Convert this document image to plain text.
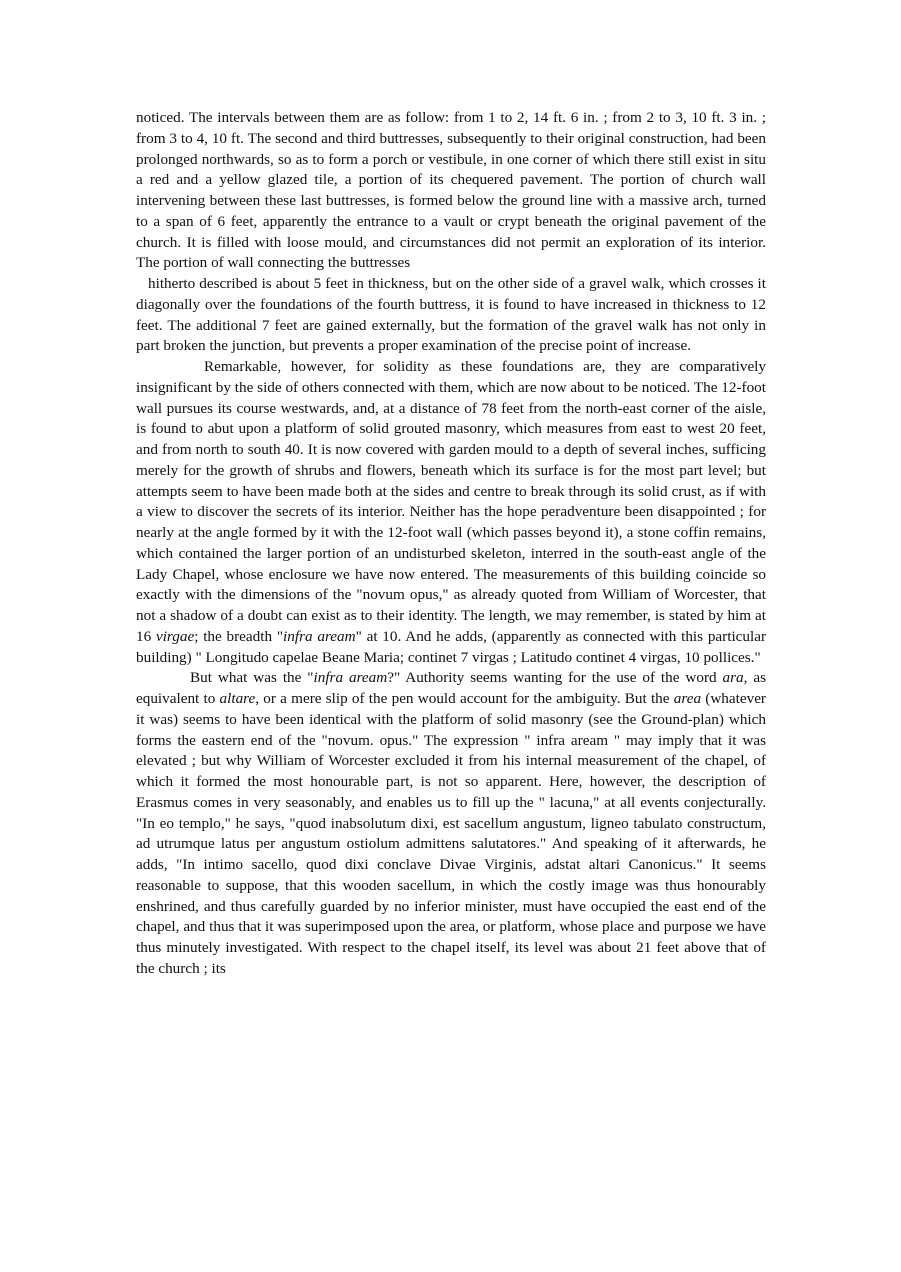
noticed. The intervals between them are as follow: from 1 to 2, 14 ft. 6 in. ; from 2 to 3, 10 ft. 3 in. ; from 3 to 4, 10 ft. The second and third buttresses, subsequently to their original construction, had been prolonged northwards, so as to form a porch or vestibule, in one corner of which there still exist in situ a red and a yellow glazed tile, a portion of its chequered pavement. The portion of church wall intervening between these last buttresses, is formed below the ground line with a massive arch, turned to a span of 6 feet, apparently the entrance to a vault or crypt beneath the original pavement of the church. It is filled with loose mould, and circumstances did not permit an exploration of its interior. The portion of wall connecting the buttresses
hitherto described is about 5 feet in thickness, but on the other side of a gravel walk, which crosses it diagonally over the foundations of the fourth buttress, it is found to have increased in thickness to 12 feet. The additional 7 feet are gained externally, but the formation of the gravel walk has not only in part broken the junction, but prevents a proper examination of the precise point of increase.

Remarkable, however, for solidity as these foundations are, they are comparatively insignificant by the side of others connected with them, which are now about to be noticed. The 12-foot wall pursues its course westwards, and, at a distance of 78 feet from the north-east corner of the aisle, is found to abut upon a platform of solid grouted masonry, which measures from east to west 20 feet, and from north to south 40. It is now covered with garden mould to a depth of several inches, sufficing merely for the growth of shrubs and flowers, beneath which its surface is for the most part level; but attempts seem to have been made both at the sides and centre to break through its solid crust, as if with a view to discover the secrets of its interior. Neither has the hope peradventure been disappointed ; for nearly at the angle formed by it with the 12-foot wall (which passes beyond it), a stone coffin remains, which contained the larger portion of an undisturbed skeleton, interred in the south-east angle of the Lady Chapel, whose enclosure we have now entered. The measurements of this building coincide so exactly with the dimensions of the "novum opus," as already quoted from William of Worcester, that not a shadow of a doubt can exist as to their identity. The length, we may remember, is stated by him at 16 virgae; the breadth "infra aream" at 10. And he adds, (apparently as connected with this particular building) " Longitudo capelae Beane Maria; continet 7 virgas ; Latitudo continet 4 virgas, 10 pollices."

But what was the "infra aream?" Authority seems wanting for the use of the word ara, as equivalent to altare, or a mere slip of the pen would account for the ambiguity. But the area (whatever it was) seems to have been identical with the platform of solid masonry (see the Ground-plan) which forms the eastern end of the "novum. opus." The expression " infra aream " may imply that it was elevated ; but why William of Worcester excluded it from his internal measurement of the chapel, of which it formed the most honourable part, is not so apparent. Here, however, the description of Erasmus comes in very seasonably, and enables us to fill up the " lacuna," at all events conjecturally. "In eo templo," he says, "quod inabsolutum dixi, est sacellum angustum, ligneo tabulato constructum, ad utrumque latus per angustum ostiolum admittens salutatores." And speaking of it afterwards, he adds, "In intimo sacello, quod dixi conclave Divae Virginis, adstat altari Canonicus." It seems reasonable to suppose, that this wooden sacellum, in which the costly image was thus honourably enshrined, and thus carefully guarded by no inferior minister, must have occupied the east end of the chapel, and thus that it was superimposed upon the area, or platform, whose place and purpose we have thus minutely investigated. With respect to the chapel itself, its level was about 21 feet above that of the church ; its
